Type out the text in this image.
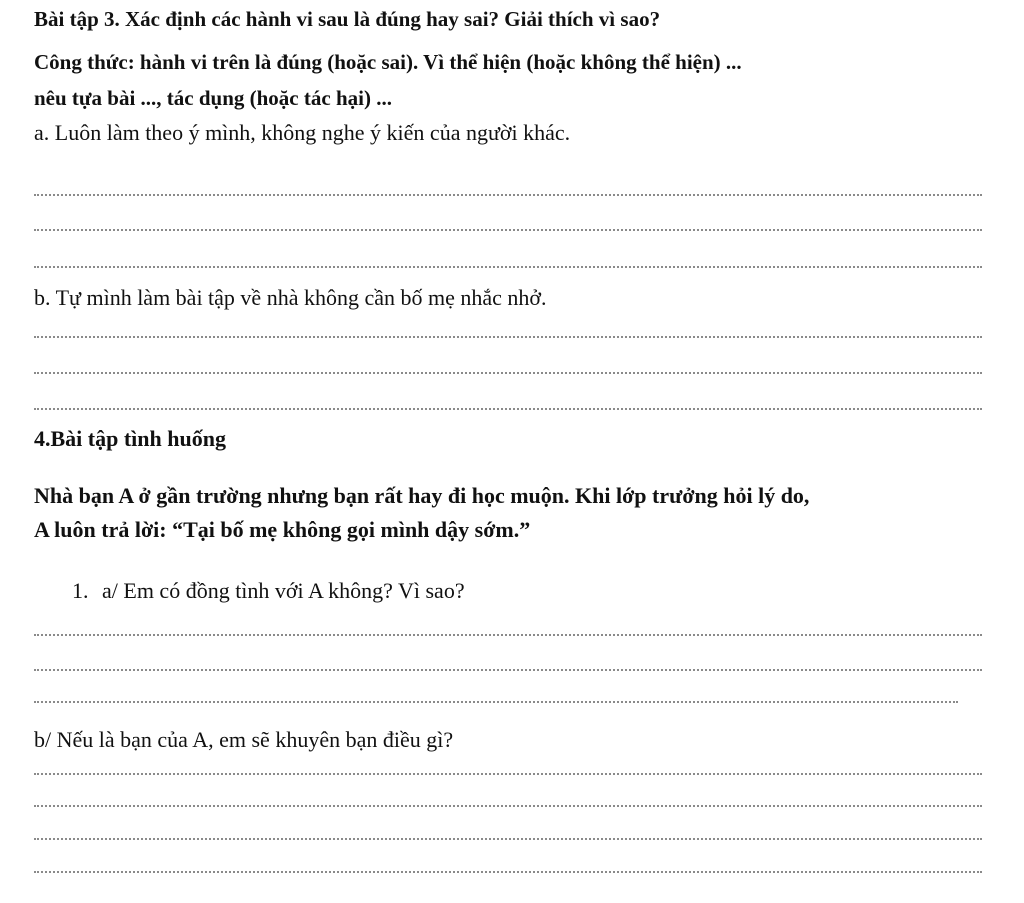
Bài tập 3. Xác định các hành vi sau là đúng hay sai? Giải thích vì sao?
Công thức: hành vi trên là đúng (hoặc sai). Vì thể hiện (hoặc không thể hiện) ...
nêu tựa bài ..., tác dụng (hoặc tác hại) ...
a. Luôn làm theo ý mình, không nghe ý kiến của người khác.
b. Tự mình làm bài tập về nhà không cần bố mẹ nhắc nhở.
4.Bài tập tình huống
Nhà bạn A ở gần trường nhưng bạn rất hay đi học muộn. Khi lớp trưởng hỏi lý do,
A luôn trả lời: “Tại bố mẹ không gọi mình dậy sớm.”
1. a/ Em có đồng tình với A không? Vì sao?
b/ Nếu là bạn của A, em sẽ khuyên bạn điều gì?
